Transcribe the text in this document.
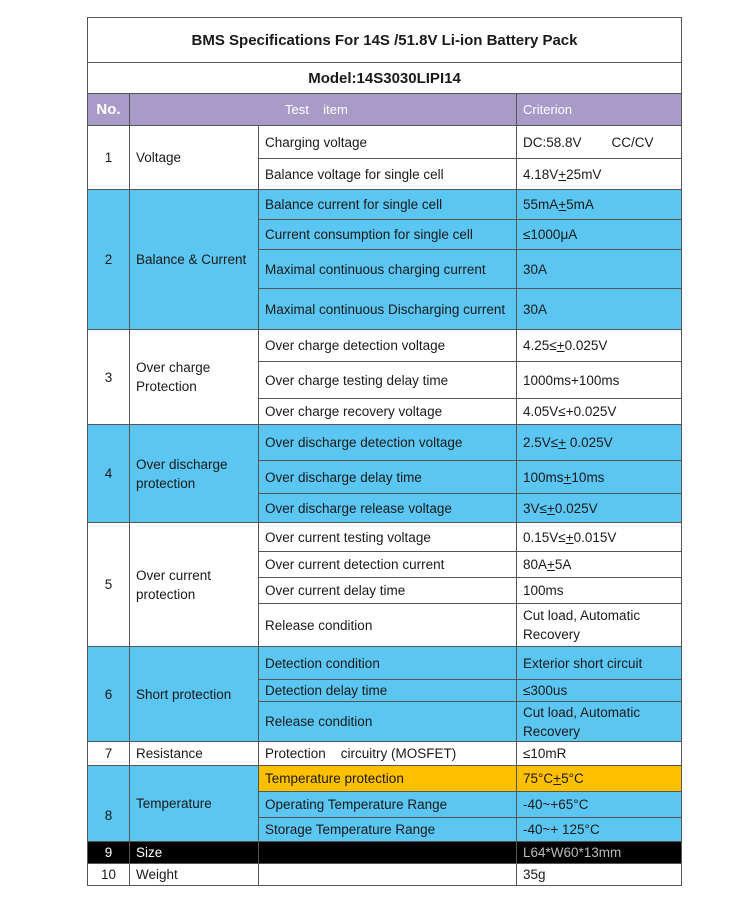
BMS Specifications For 14S /51.8V Li-ion Battery Pack			
Model:14S3030LIPI14			
No.	Test    item		Criterion
1	Voltage	Charging voltage	DC:58.8V        CC/CV
		Balance voltage for single cell	4.18V+25mV
2	Balance & Current	Balance current for single cell	55mA+5mA
		Current consumption for single cell	≤1000μA
		Maximal continuous charging current	30A
		Maximal continuous Discharging current	30A
3	Over charge Protection	Over charge detection voltage	4.25≤+0.025V
		Over charge testing delay time	1000ms+100ms
		Over charge recovery voltage	4.05V≤+0.025V
4	Over discharge protection	Over discharge detection voltage	2.5V≤+ 0.025V
		Over discharge delay time	100ms+10ms
		Over discharge release voltage	3V≤+0.025V
5	Over current protection	Over current testing voltage	0.15V≤+0.015V
		Over current detection current	80A+5A
		Over current delay time	100ms
		Release condition	Cut load, Automatic Recovery
6	Short protection	Detection condition	Exterior short circuit
		Detection delay time	≤300us
		Release condition	Cut load, Automatic Recovery
7	Resistance	Protection    circuitry (MOSFET)	≤10mR
8	Temperature	Temperature protection	75°C+5°C
		Operating Temperature Range	-40~+65°C
		Storage Temperature Range	-40~+ 125°C
9	Size		L64*W60*13mm
10	Weight		35g
